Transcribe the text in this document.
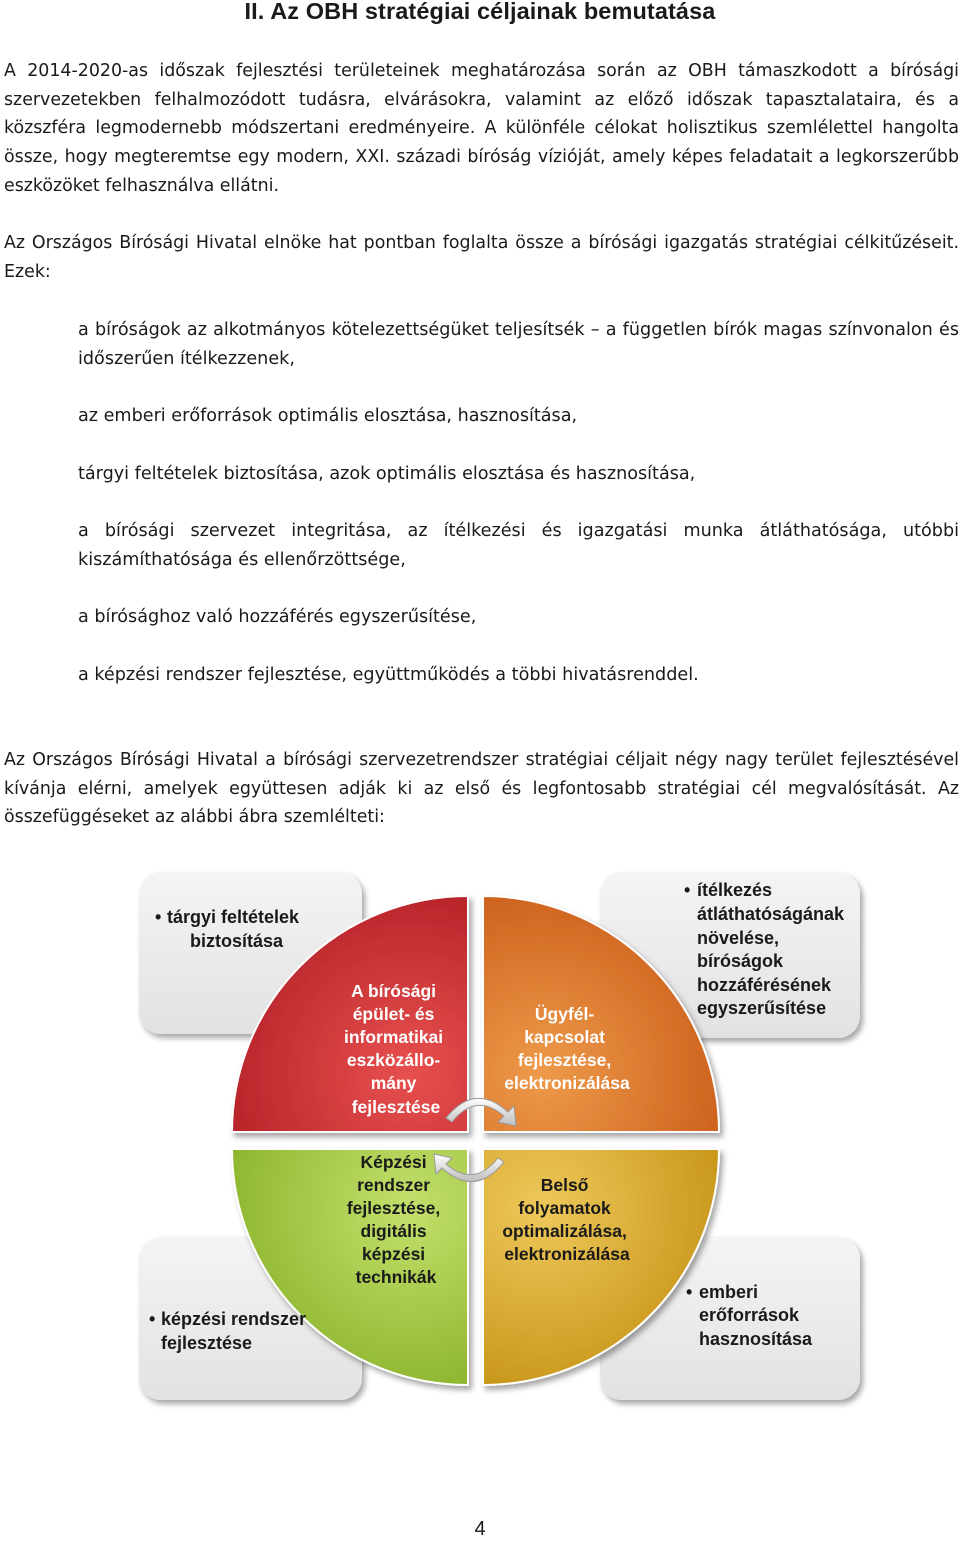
II. Az OBH stratégiai céljainak bemutatása

A 2014-2020-as időszak fejlesztési területeinek meghatározása során az OBH támaszkodott a bírósági szervezetekben felhalmozódott tudásra, elvárásokra, valamint az előző időszak tapasztalataira, és a közszféra legmodernebb módszertani eredményeire. A különféle célokat holisztikus szemlélettel hangolta össze, hogy megteremtse egy modern, XXI. századi bíróság vízióját, amely képes feladatait a legkorszerűbb eszközöket felhasználva ellátni.

Az Országos Bírósági Hivatal elnöke hat pontban foglalta össze a bírósági igazgatás stratégiai célkitűzéseit. Ezek:

a bíróságok az alkotmányos kötelezettségüket teljesítsék – a független bírók magas színvonalon és időszerűen ítélkezzenek,
az emberi erőforrások optimális elosztása, hasznosítása,
tárgyi feltételek biztosítása, azok optimális elosztása és hasznosítása,
a bírósági szervezet integritása, az ítélkezési és igazgatási munka átláthatósága, utóbbi kiszámíthatósága és ellenőrzöttsége,
a bírósághoz való hozzáférés egyszerűsítése,
a képzési rendszer fejlesztése, együttműködés a többi hivatásrenddel.

Az Országos Bírósági Hivatal a bírósági szervezetrendszer stratégiai céljait négy nagy terület fejlesztésével kívánja elérni, amelyek együttesen adják ki az első és legfontosabb stratégiai cél megvalósítását. Az összefüggéseket az alábbi ábra szemlélteti:

• tárgyi feltételek biztosítása
• ítélkezés átláthatóságának növelése, bíróságok hozzáférésének egyszerűsítése
• képzési rendszer fejlesztése
• emberi erőforrások hasznosítása
A bírósági épület- és informatikai eszközállo- mány fejlesztése
Ügyfél- kapcsolat fejlesztése, elektronizálása
Képzési rendszer fejlesztése, digitális képzési technikák
Belső folyamatok optimalizálása, elektronizálása

4
